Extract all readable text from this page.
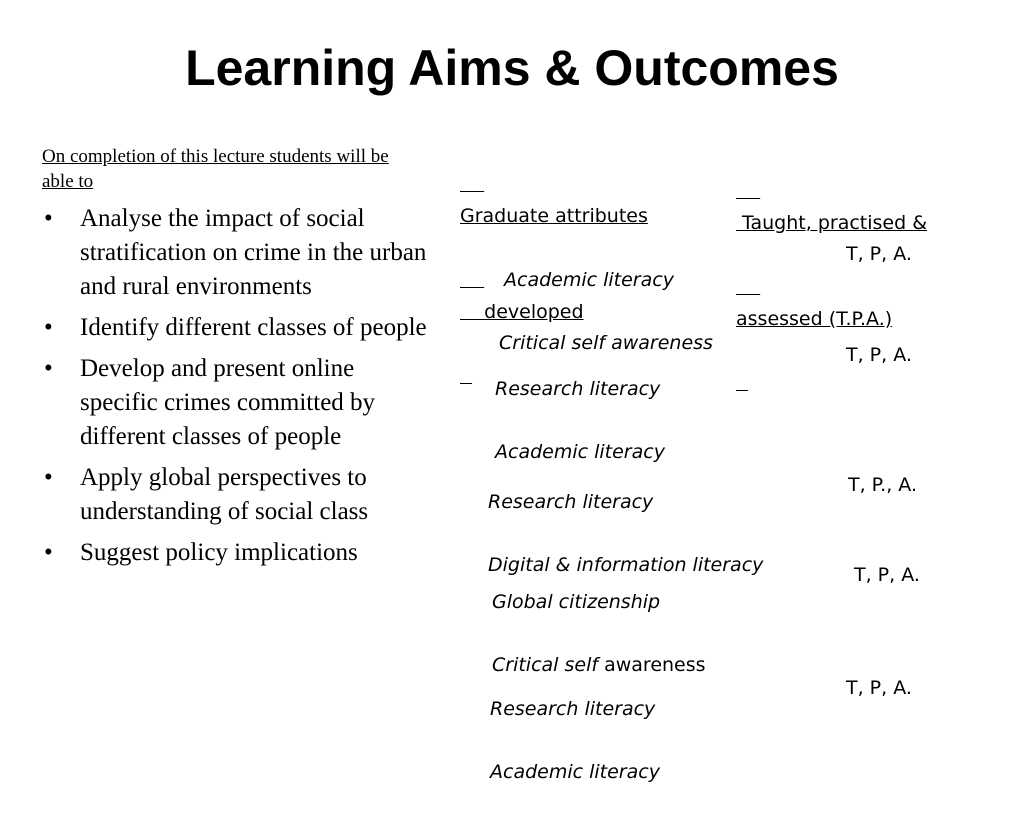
Learning Aims & Outcomes
On completion of this lecture students will be able to
• Analyse the impact of social stratification on crime in the urban and rural environments
• Identify different classes of people
• Develop and present online specific crimes committed by different classes of people
• Apply global perspectives to understanding of social class
• Suggest policy implications

Graduate attributes

developed

Taught, practised &

assessed (T.P.A.)

Academic literacy

Critical self awareness

T, P, A.

Research literacy

Academic literacy

T, P, A.

Research literacy

Digital & information literacy

T, P., A.

Global citizenship

Critical self awareness

T, P, A.

Research literacy

Academic literacy

T, P, A.
